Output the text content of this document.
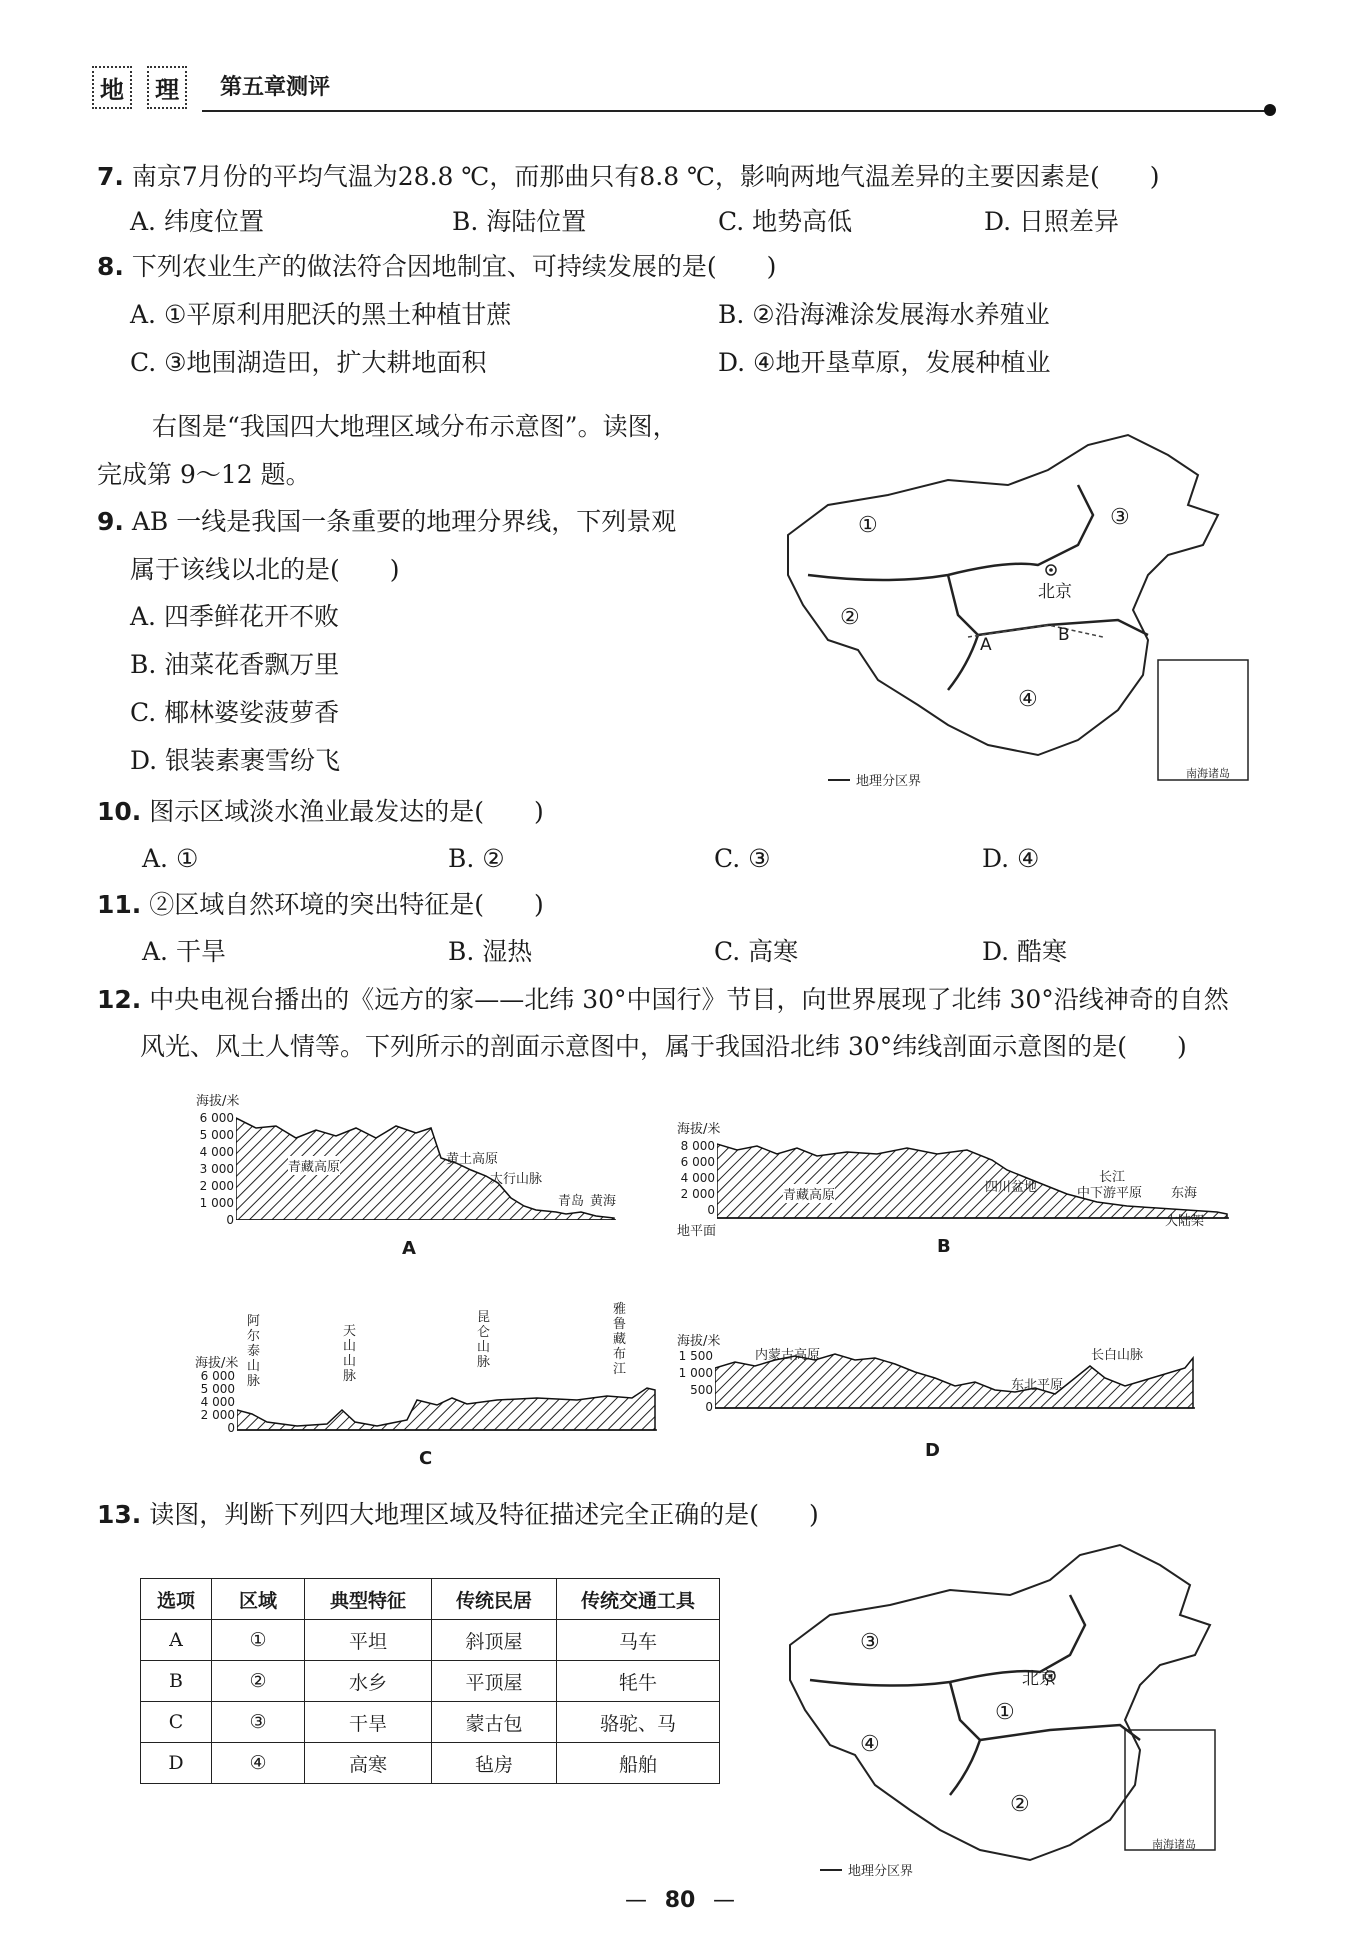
地 理 第五章测评
7. 南京7月份的平均气温为28.8 ℃，而那曲只有8.8 ℃，影响两地气温差异的主要因素是(　　)
A. 纬度位置	B. 海陆位置	C. 地势高低	D. 日照差异
8. 下列农业生产的做法符合因地制宜、可持续发展的是(　　)
A. ①平原利用肥沃的黑土种植甘蔗	B. ②沿海滩涂发展海水养殖业
C. ③地围湖造田，扩大耕地面积	D. ④地开垦草原，发展种植业
右图是“我国四大地理区域分布示意图”。读图，
完成第 9～12 题。
9. AB 一线是我国一条重要的地理分界线，下列景观
属于该线以北的是(　　)
A. 四季鲜花开不败
B. 油菜花香飘万里
C. 椰林婆娑菠萝香
D. 银装素裹雪纷飞
①
②
③
④
北京
A	B
地理分区界
南海诸岛
10. 图示区域淡水渔业最发达的是(　　)
A. ①	B. ②	C. ③	D. ④
11. ②区域自然环境的突出特征是(　　)
A. 干旱	B. 湿热	C. 高寒	D. 酷寒
12. 中央电视台播出的《远方的家——北纬 30°中国行》节目，向世界展现了北纬 30°沿线神奇的自然
风光、风土人情等。下列所示的剖面示意图中，属于我国沿北纬 30°纬线剖面示意图的是(　　)
海拔/米
6 000
5 000
4 000
3 000
2 000
1 000
0
青藏高原
黄土高原
太行山脉
青岛 黄海
A
海拔/米
8 000
6 000
4 000
2 000
0
地平面
青藏高原
四川盆地
长江
中下游平原 东海
大陆架
B
海拔/米
6 000
5 000
4 000
2 000
0
阿尔泰山脉
天山山脉
昆仑山脉
雅鲁藏布江
C
海拔/米
1 500
1 000
500
0
内蒙古高原
东北平原
长白山脉
D
13. 读图，判断下列四大地理区域及特征描述完全正确的是(　　)
选项	区域	典型特征	传统民居	传统交通工具
A	①	平坦	斜顶屋	马车
B	②	水乡	平顶屋	牦牛
C	③	干旱	蒙古包	骆驼、马
D	④	高寒	毡房	船舶
③
④
①
②
北京
地理分区界
南海诸岛
— 80 —
